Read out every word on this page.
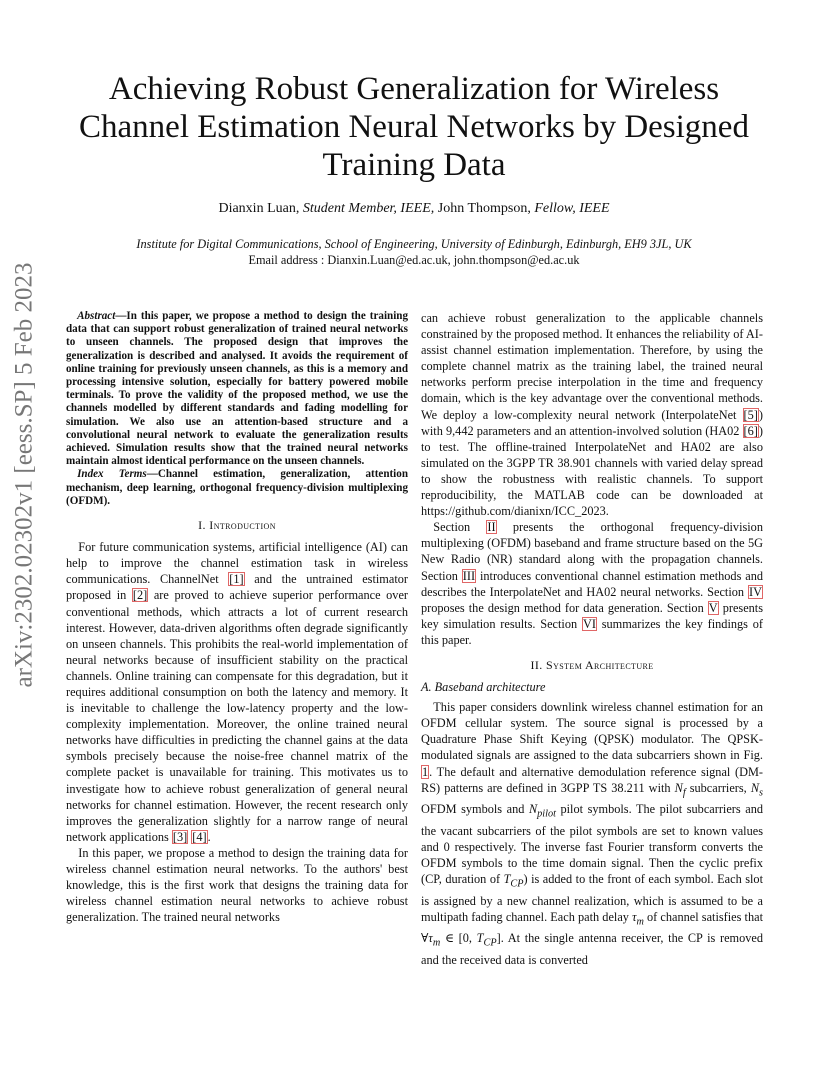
arXiv:2302.02302v1 [eess.SP] 5 Feb 2023
Achieving Robust Generalization for Wireless Channel Estimation Neural Networks by Designed Training Data
Dianxin Luan, Student Member, IEEE, John Thompson, Fellow, IEEE
Institute for Digital Communications, School of Engineering, University of Edinburgh, Edinburgh, EH9 3JL, UK
Email address : Dianxin.Luan@ed.ac.uk, john.thompson@ed.ac.uk

Abstract—In this paper, we propose a method to design the training data that can support robust generalization of trained neural networks to unseen channels. The proposed design that improves the generalization is described and analysed. It avoids the requirement of online training for previously unseen channels, as this is a memory and processing intensive solution, especially for battery powered mobile terminals. To prove the validity of the proposed method, we use the channels modelled by different standards and fading modelling for simulation. We also use an attention-based structure and a convolutional neural network to evaluate the generalization results achieved. Simulation results show that the trained neural networks maintain almost identical performance on the unseen channels.

Index Terms—Channel estimation, generalization, attention mechanism, deep learning, orthogonal frequency-division multiplexing (OFDM).

I. Introduction

For future communication systems, artificial intelligence (AI) can help to improve the channel estimation task in wireless communications. ChannelNet [1] and the untrained estimator proposed in [2] are proved to achieve superior performance over conventional methods, which attracts a lot of current research interest. However, data-driven algorithms often degrade significantly on unseen channels. This prohibits the real-world implementation of neural networks because of insufficient stability on the practical channels. Online training can compensate for this degradation, but it requires additional consumption on both the latency and memory. It is inevitable to challenge the low-latency property and the low-complexity implementation. Moreover, the online trained neural networks have difficulties in predicting the channel gains at the data symbols precisely because the noise-free channel matrix of the complete packet is unavailable for training. This motivates us to investigate how to achieve robust generalization of general neural networks for channel estimation. However, the recent research only improves the generalization slightly for a narrow range of neural network applications [3] [4].

In this paper, we propose a method to design the training data for wireless channel estimation neural networks. To the authors' best knowledge, this is the first work that designs the training data for wireless channel estimation neural networks to achieve robust generalization. The trained neural networks

can achieve robust generalization to the applicable channels constrained by the proposed method. It enhances the reliability of AI-assist channel estimation implementation. Therefore, by using the complete channel matrix as the training label, the trained neural networks perform precise interpolation in the time and frequency domain, which is the key advantage over the conventional methods. We deploy a low-complexity neural network (InterpolateNet [5]) with 9,442 parameters and an attention-involved solution (HA02 [6]) to test. The offline-trained InterpolateNet and HA02 are also simulated on the 3GPP TR 38.901 channels with varied delay spread to show the robustness with realistic channels. To support reproducibility, the MATLAB code can be downloaded at https://github.com/dianixn/ICC_2023.

Section II presents the orthogonal frequency-division multiplexing (OFDM) baseband and frame structure based on the 5G New Radio (NR) standard along with the propagation channels. Section III introduces conventional channel estimation methods and describes the InterpolateNet and HA02 neural networks. Section IV proposes the design method for data generation. Section V presents key simulation results. Section VI summarizes the key findings of this paper.

II. System Architecture
A. Baseband architecture

This paper considers downlink wireless channel estimation for an OFDM cellular system. The source signal is processed by a Quadrature Phase Shift Keying (QPSK) modulator. The QPSK-modulated signals are assigned to the data subcarriers shown in Fig. 1. The default and alternative demodulation reference signal (DM-RS) patterns are defined in 3GPP TS 38.211 with $N_f$ subcarriers, $N_s$ OFDM symbols and $N_{pilot}$ pilot symbols. The pilot subcarriers and the vacant subcarriers of the pilot symbols are set to known values and 0 respectively. The inverse fast Fourier transform converts the OFDM symbols to the time domain signal. Then the cyclic prefix (CP, duration of $T_{CP}$) is added to the front of each symbol. Each slot is assigned by a new channel realization, which is assumed to be a multipath fading channel. Each path delay $\tau_m$ of channel satisfies that $\forall\tau_m$ ∈ [0, $T_{CP}$]. At the single antenna receiver, the CP is removed and the received data is converted
